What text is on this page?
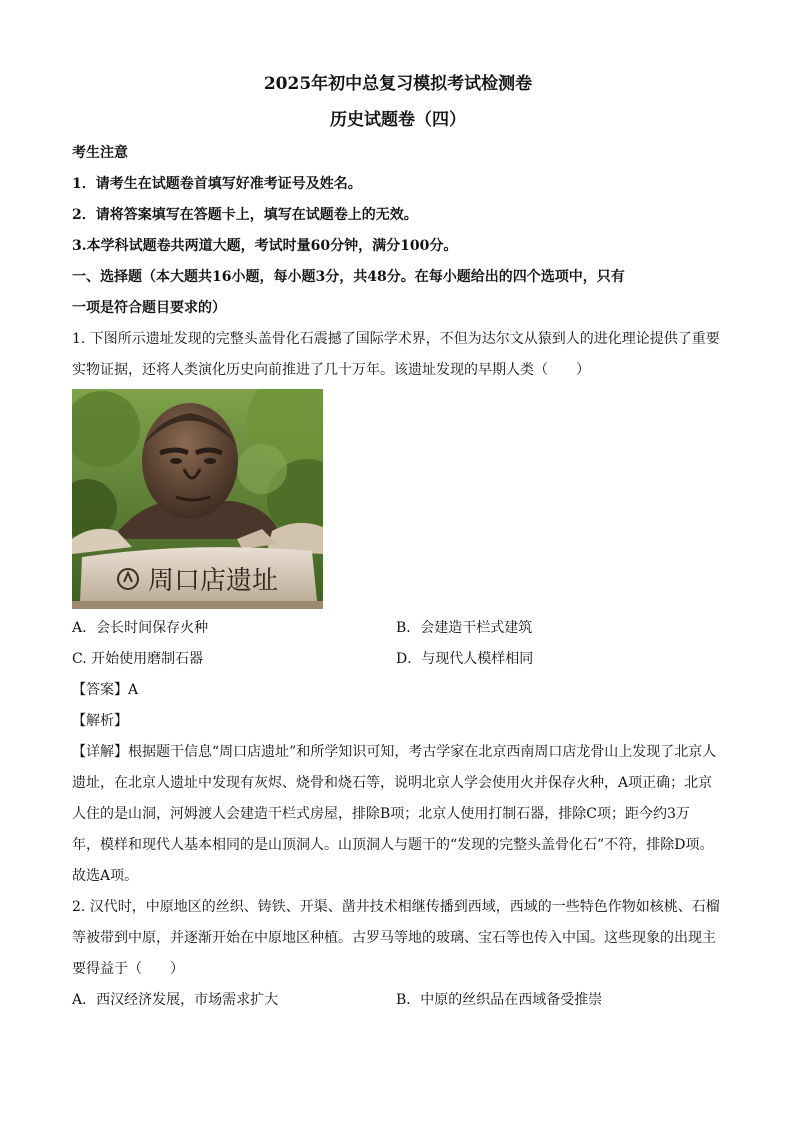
2025年初中总复习模拟考试检测卷

历史试题卷（四）

考生注意

1．请考生在试题卷首填写好准考证号及姓名。

2．请将答案填写在答题卡上，填写在试题卷上的无效。

3.本学科试题卷共两道大题，考试时量60分钟，满分100分。

一、选择题（本大题共16小题，每小题3分，共48分。在每小题给出的四个选项中，只有

一项是符合题目要求的）

1. 下图所示遗址发现的完整头盖骨化石震撼了国际学术界，不但为达尔文从猿到人的进化理论提供了重要

实物证据，还将人类演化历史向前推进了几十万年。该遗址发现的早期人类（　　）

周口店遗址
A．会长时间保存火种	B．会建造干栏式建筑
C. 开始使用磨制石器	D．与现代人模样相同

【答案】A

【解析】

【详解】根据题干信息“周口店遗址”和所学知识可知，考古学家在北京西南周口店龙骨山上发现了北京人

遗址，在北京人遗址中发现有灰烬、烧骨和烧石等，说明北京人学会使用火并保存火种，A项正确；北京

人住的是山洞，河姆渡人会建造干栏式房屋，排除B项；北京人使用打制石器，排除C项；距今约3万

年，模样和现代人基本相同的是山顶洞人。山顶洞人与题干的“发现的完整头盖骨化石”不符，排除D项。

故选A项。

2. 汉代时，中原地区的丝织、铸铁、开渠、凿井技术相继传播到西域，西域的一些特色作物如核桃、石榴

等被带到中原，并逐渐开始在中原地区种植。古罗马等地的玻璃、宝石等也传入中国。这些现象的出现主

要得益于（　　）

A．西汉经济发展，市场需求扩大	B．中原的丝织品在西域备受推崇
